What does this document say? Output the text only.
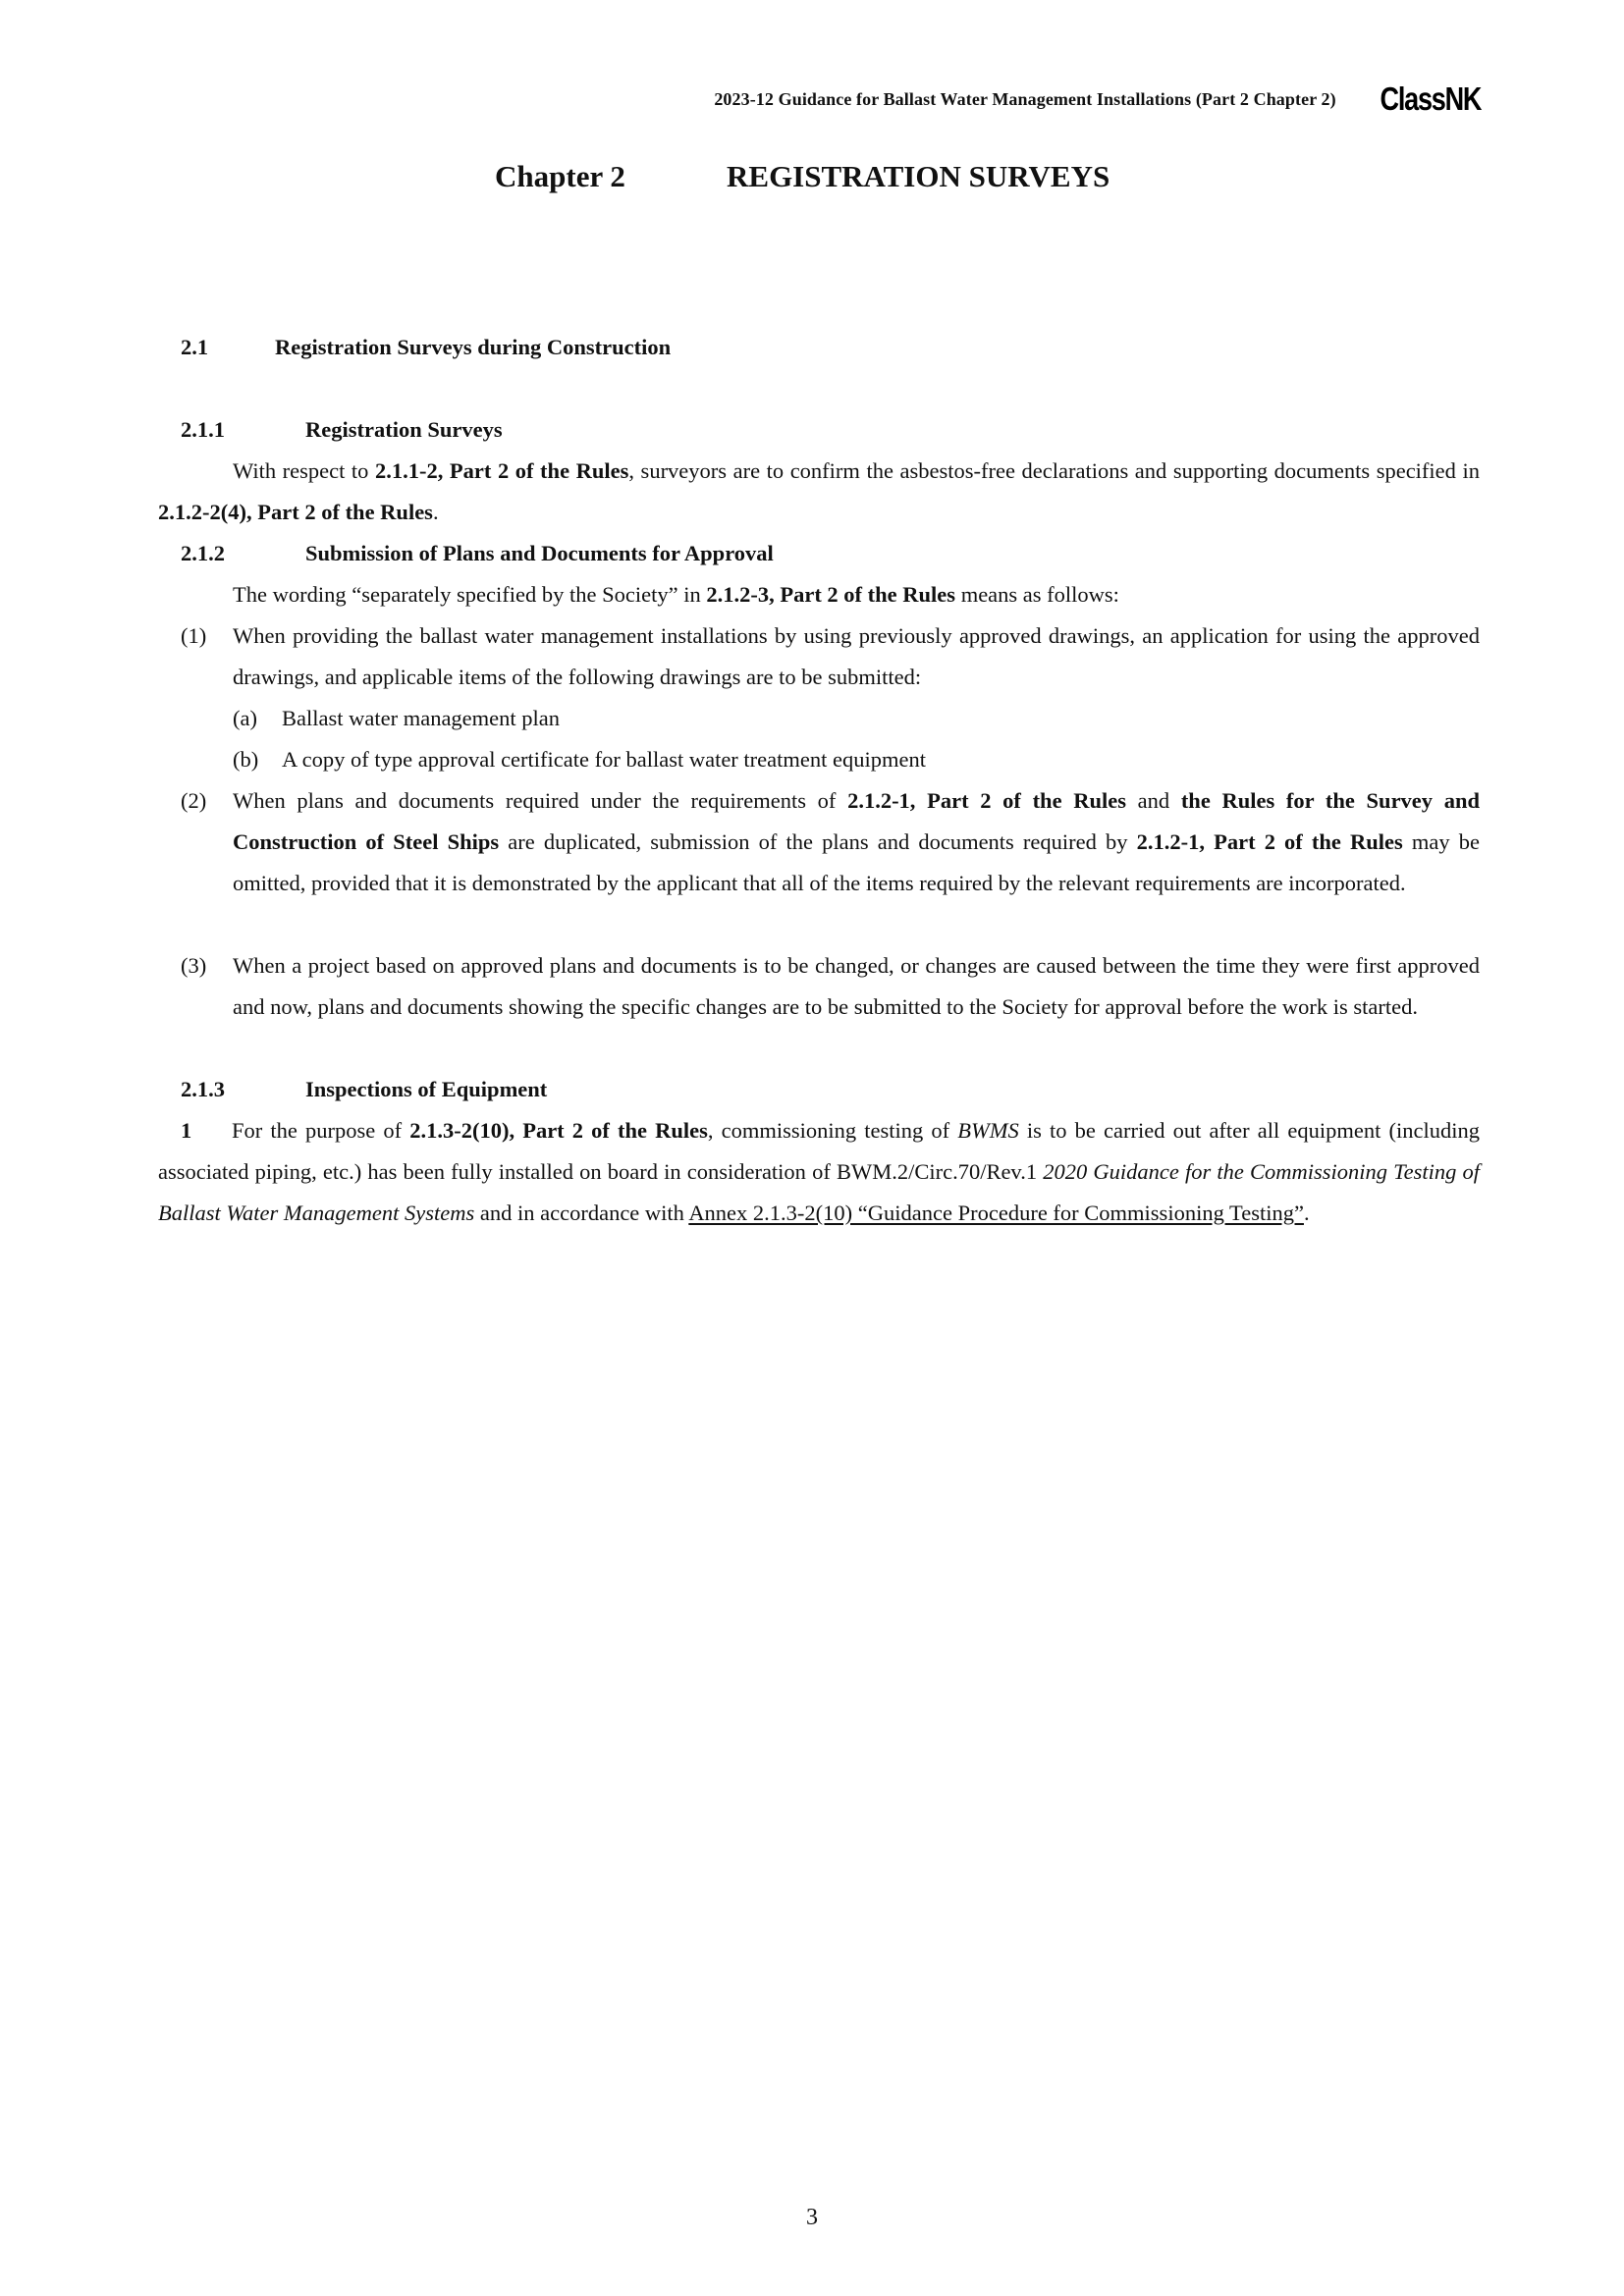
2023-12 Guidance for Ballast Water Management Installations (Part 2 Chapter 2) ClassNK
Chapter 2	REGISTRATION SURVEYS
2.1	Registration Surveys during Construction
2.1.1	Registration Surveys
With respect to 2.1.1-2, Part 2 of the Rules, surveyors are to confirm the asbestos-free declarations and supporting documents specified in 2.1.2-2(4), Part 2 of the Rules.
2.1.2	Submission of Plans and Documents for Approval
The wording “separately specified by the Society” in 2.1.2-3, Part 2 of the Rules means as follows:
(1)	When providing the ballast water management installations by using previously approved drawings, an application for using the approved drawings, and applicable items of the following drawings are to be submitted:
(a)	Ballast water management plan
(b)	A copy of type approval certificate for ballast water treatment equipment
(2)	When plans and documents required under the requirements of 2.1.2-1, Part 2 of the Rules and the Rules for the Survey and Construction of Steel Ships are duplicated, submission of the plans and documents required by 2.1.2-1, Part 2 of the Rules may be omitted, provided that it is demonstrated by the applicant that all of the items required by the relevant requirements are incorporated.
(3)	When a project based on approved plans and documents is to be changed, or changes are caused between the time they were first approved and now, plans and documents showing the specific changes are to be submitted to the Society for approval before the work is started.
2.1.3	Inspections of Equipment
1 For the purpose of 2.1.3-2(10), Part 2 of the Rules, commissioning testing of BWMS is to be carried out after all equipment (including associated piping, etc.) has been fully installed on board in consideration of BWM.2/Circ.70/Rev.1 2020 Guidance for the Commissioning Testing of Ballast Water Management Systems and in accordance with Annex 2.1.3-2(10) “Guidance Procedure for Commissioning Testing”.
3
